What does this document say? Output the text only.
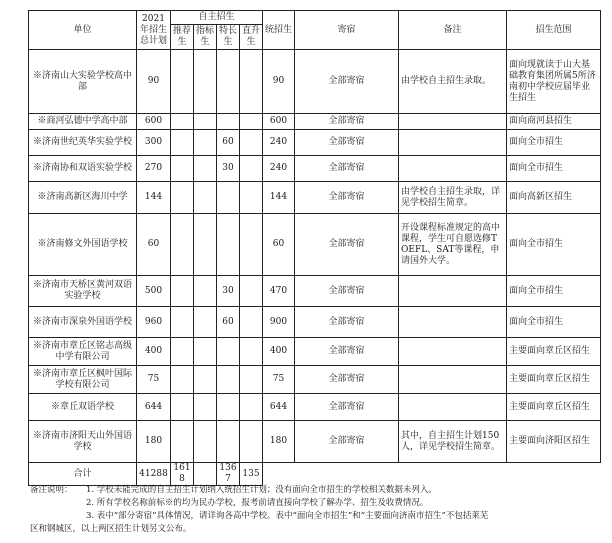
单位	2021年招生总计划	自主招生				统招生	寄宿	备注	招生范围
		推荐生	指标生	特长生	直升生				
※济南山大实验学校高中部	90					90	全部寄宿	由学校自主招生录取。	面向现就读于山大基础教育集团所属5所济南初中学校应届毕业生招生
※商河弘德中学高中部	600					600	全部寄宿		面向商河县招生
※济南世纪英华实验学校	300			60		240	全部寄宿		面向全市招生
※济南协和双语实验学校	270			30		240	全部寄宿		面向全市招生
※济南高新区海川中学	144					144	全部寄宿	由学校自主招生录取，详见学校招生简章。	面向高新区招生
※济南修文外国语学校	60					60	全部寄宿	开设课程标准规定的高中课程，学生可自愿选修TOEFL、SAT等课程，申请国外大学。	面向全市招生
※济南市天桥区黄河双语实验学校	500			30		470	全部寄宿		面向全市招生
※济南市深泉外国语学校	960			60		900	全部寄宿		面向全市招生
※济南市章丘区铭志高级中学有限公司	400					400	全部寄宿		主要面向章丘区招生
※济南市章丘区枫叶国际学校有限公司	75					75	全部寄宿		主要面向章丘区招生
※章丘双语学校	644					644	全部寄宿		主要面向章丘区招生
※济南市济阳天山外国语学校	180					180	全部寄宿	其中，自主招生计划150人，详见学校招生简章。	主要面向济阳区招生
合计	41288	1618		1367	135				
备注说明：	1. 学校未能完成的自主招生计划纳入统招生计划；没有面向全市招生的学校相关数据未列入。
2. 所有学校名称前标※的均为民办学校，报考前请直接向学校了解办学、招生及收费情况。
3. 表中“部分寄宿”具体情况，请详询各高中学校。表中“面向全市招生”和“主要面向济南市招生”不包括莱芜
区和钢城区，以上两区招生计划另文公布。
